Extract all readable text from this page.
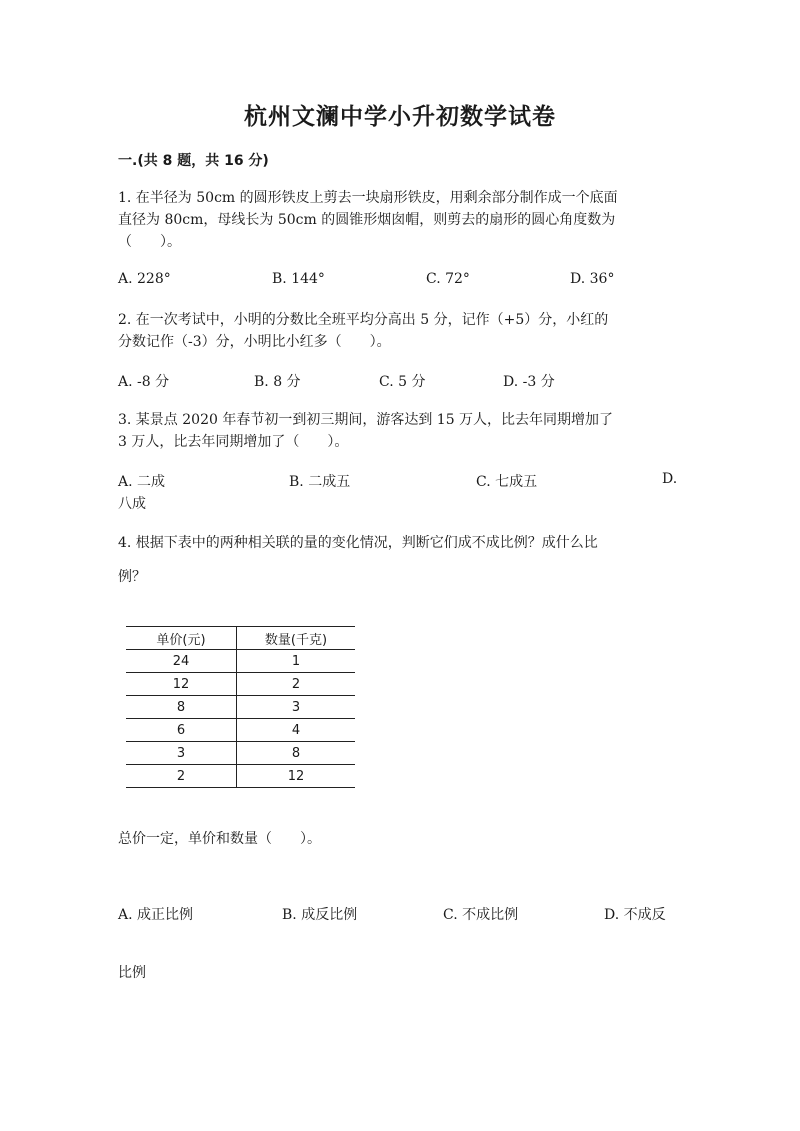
杭州文澜中学小升初数学试卷
一.(共 8 题，共 16 分)
1. 在半径为 50cm 的圆形铁皮上剪去一块扇形铁皮，用剩余部分制作成一个底面
直径为 80cm，母线长为 50cm 的圆锥形烟囱帽，则剪去的扇形的圆心角度数为
（　　）。
A. 228°	B. 144°	C. 72°	D. 36°
2. 在一次考试中，小明的分数比全班平均分高出 5 分，记作（+5）分，小红的
分数记作（-3）分，小明比小红多（　　）。
A. -8 分	B. 8 分	C. 5 分	D. -3 分
3. 某景点 2020 年春节初一到初三期间，游客达到 15 万人，比去年同期增加了
3 万人，比去年同期增加了（　　）。
A. 二成	B. 二成五	C. 七成五	D.
八成
4. 根据下表中的两种相关联的量的变化情况，判断它们成不成比例？成什么比
例？
单价(元)	数量(千克)
24	1
12	2
8	3
6	4
3	8
2	12
总价一定，单价和数量（　　）。
A. 成正比例	B. 成反比例	C. 不成比例	D. 不成反
比例
